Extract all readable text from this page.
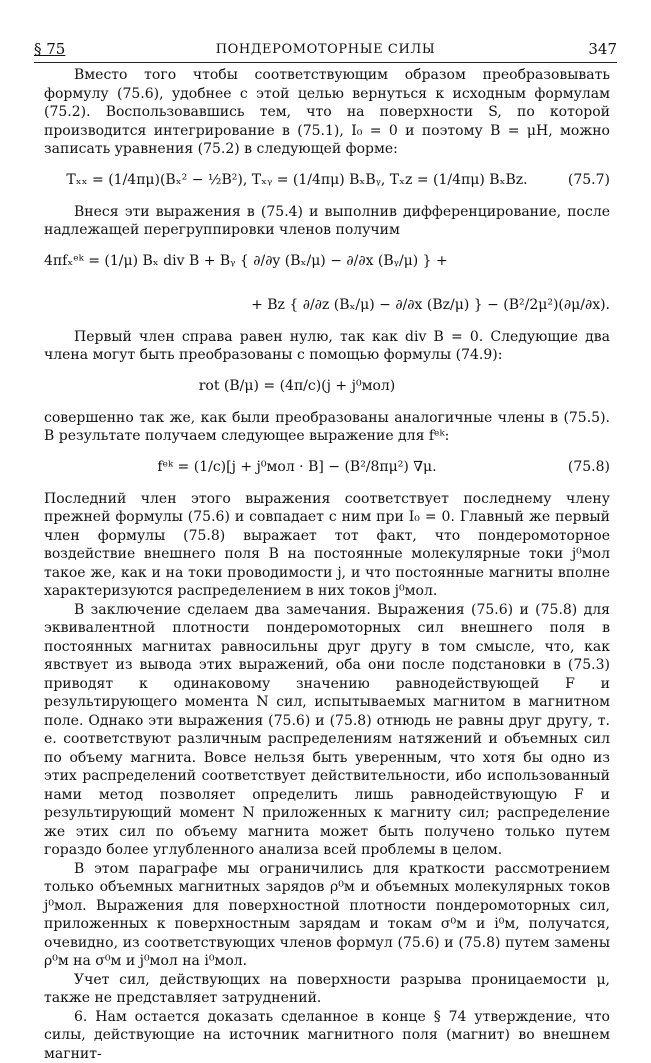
§ 75	ПОНДЕРОМОТОРНЫЕ СИЛЫ	347

Вместо того чтобы соответствующим образом преобразовывать формулу (75.6), удобнее с этой целью вернуться к исходным формулам (75.2). Воспользовавшись тем, что на поверхности S, по которой производится интегрирование в (75.1), I₀ = 0 и поэтому B = μH, можно записать уравнения (75.2) в следующей форме:

Tₓₓ = (1/4πμ)(Bₓ² − ½B²), Tₓᵧ = (1/4πμ) BₓBᵧ, Tₓz = (1/4πμ) BₓBz.	(75.7)

Внеся эти выражения в (75.4) и выполнив дифференцирование, после надлежащей перегруппировки членов получим

4πfₓᵉᵏ = (1/μ) Bₓ div B + Bᵧ { ∂/∂y (Bₓ/μ) − ∂/∂x (Bᵧ/μ) } +
+ Bz { ∂/∂z (Bₓ/μ) − ∂/∂x (Bz/μ) } − (B²/2μ²)(∂μ/∂x).

Первый член справа равен нулю, так как div B = 0. Следующие два члена могут быть преобразованы с помощью формулы (74.9):

rot (B/μ) = (4π/c)(j + j⁰мол)

совершенно так же, как были преобразованы аналогичные члены в (75.5). В результате получаем следующее выражение для fᵉᵏ:

fᵉᵏ = (1/c)[j + j⁰мол · B] − (B²/8πμ²) ∇μ.	(75.8)

Последний член этого выражения соответствует последнему члену прежней формулы (75.6) и совпадает с ним при I₀ = 0. Главный же первый член формулы (75.8) выражает тот факт, что пондеромоторное воздействие внешнего поля B на постоянные молекулярные токи j⁰мол такое же, как и на токи проводимости j, и что постоянные магниты вполне характеризуются распределением в них токов j⁰мол.

В заключение сделаем два замечания. Выражения (75.6) и (75.8) для эквивалентной плотности пондеромоторных сил внешнего поля в постоянных магнитах равносильны друг другу в том смысле, что, как явствует из вывода этих выражений, оба они после подстановки в (75.3) приводят к одинаковому значению равнодействующей F и результирующего момента N сил, испытываемых магнитом в магнитном поле. Однако эти выражения (75.6) и (75.8) отнюдь не равны друг другу, т. е. соответствуют различным распределениям натяжений и объемных сил по объему магнита. Вовсе нельзя быть уверенным, что хотя бы одно из этих распределений соответствует действительности, ибо использованный нами метод позволяет определить лишь равнодействующую F и результирующий момент N приложенных к магниту сил; распределение же этих сил по объему магнита может быть получено только путем гораздо более углубленного анализа всей проблемы в целом.

В этом параграфе мы ограничились для краткости рассмотрением только объемных магнитных зарядов ρ⁰м и объемных молекулярных токов j⁰мол. Выражения для поверхностной плотности пондеромоторных сил, приложенных к поверхностным зарядам и токам σ⁰м и i⁰м, получатся, очевидно, из соответствующих членов формул (75.6) и (75.8) путем замены ρ⁰м на σ⁰м и j⁰мол на i⁰мол.

Учет сил, действующих на поверхности разрыва проницаемости μ, также не представляет затруднений.

6. Нам остается доказать сделанное в конце § 74 утверждение, что силы, действующие на источник магнитного поля (магнит) во внешнем магнит-
